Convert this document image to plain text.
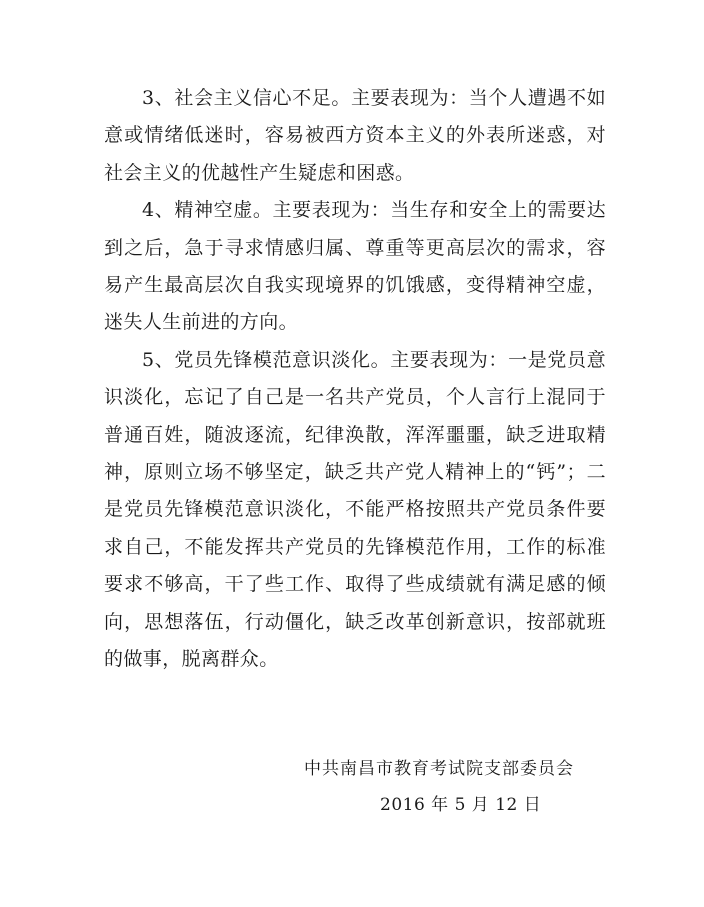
3、社会主义信心不足。主要表现为：当个人遭遇不如意或情绪低迷时，容易被西方资本主义的外表所迷惑，对社会主义的优越性产生疑虑和困惑。

4、精神空虚。主要表现为：当生存和安全上的需要达到之后，急于寻求情感归属、尊重等更高层次的需求，容易产生最高层次自我实现境界的饥饿感，变得精神空虚，迷失人生前进的方向。

5、党员先锋模范意识淡化。主要表现为：一是党员意识淡化，忘记了自己是一名共产党员，个人言行上混同于普通百姓，随波逐流，纪律涣散，浑浑噩噩，缺乏进取精神，原则立场不够坚定，缺乏共产党人精神上的“钙”；二是党员先锋模范意识淡化，不能严格按照共产党员条件要求自己，不能发挥共产党员的先锋模范作用，工作的标准要求不够高，干了些工作、取得了些成绩就有满足感的倾向，思想落伍，行动僵化，缺乏改革创新意识，按部就班的做事，脱离群众。

中共南昌市教育考试院支部委员会
2016 年 5 月 12 日
